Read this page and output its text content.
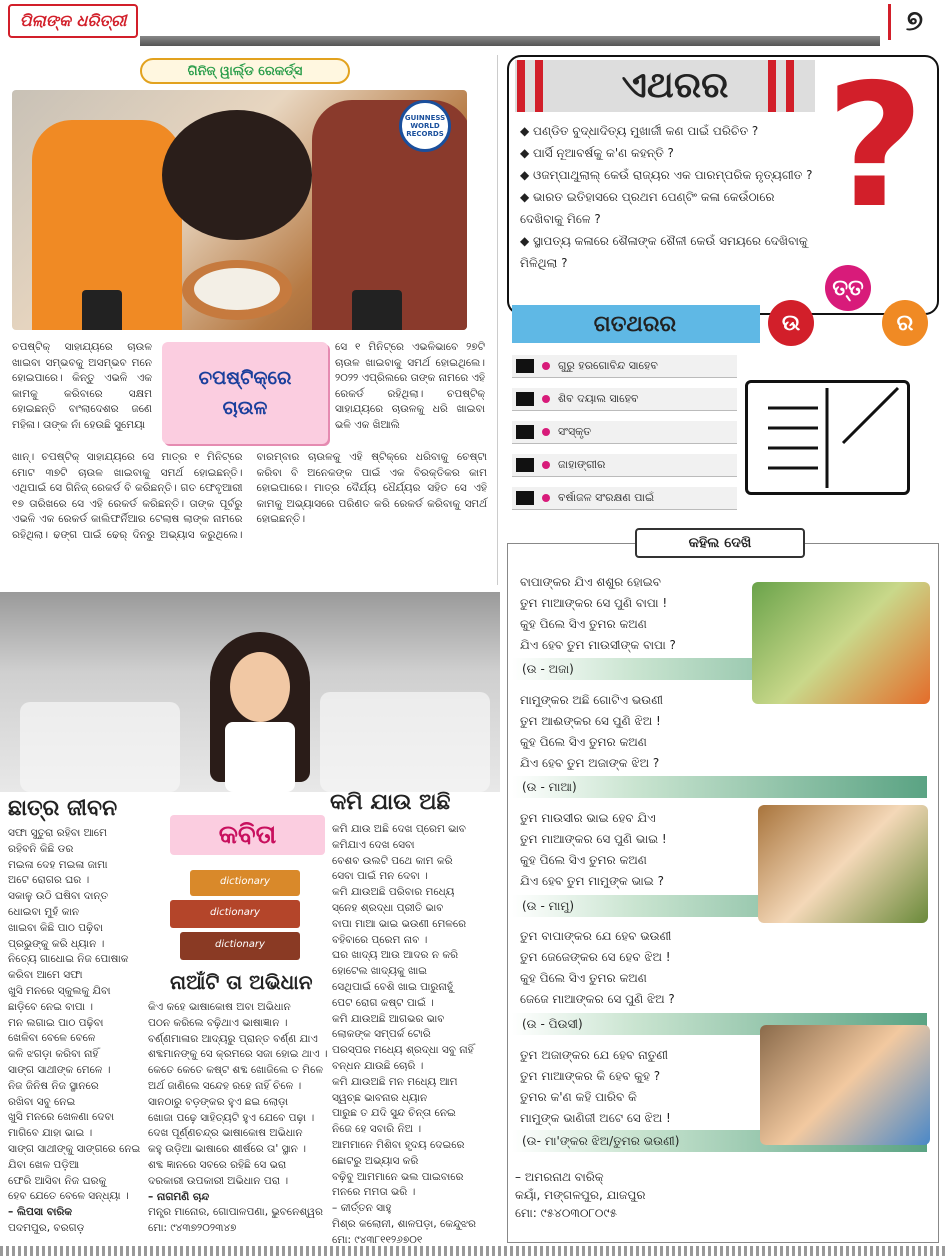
ପିଲାଙ୍କ ଧରିତ୍ରୀ	୭
ଗିନିଜ୍ ୱାର୍ଲ୍ଡ ରେକର୍ଡ୍ସ
GUINNESS WORLD RECORDS
ଚପଷ୍ଟିକ୍ ସାହାଯ୍ୟରେ ଚାଉଳ ଖାଇବା ସମ୍ଭବକୁ ଅସମ୍ଭବ ମନେ ହୋଇପାରେ। କିନ୍ତୁ ଏଭଳି ଏକ କାମକୁ କରିବାରେ ସକ୍ଷମ ହୋଇଛନ୍ତି ବାଂଲାଦେଶର ଜଣେ ମହିଳା। ତାଙ୍କ ନାଁ ହେଉଛି ସୁମେୟା
ଚପଷ୍ଟିକ୍‌ରେ
ଚାଉଳ
ସେ ୧ ମିନିଟ୍‌ରେ ଏଭଳିଭାବେ ୨୭ଟି ଚାଉଳ ଖାଇବାକୁ ସମର୍ଥ ହୋଇଥିଲେ। ୨୦୨୨ ଏପ୍ରିଲରେ ତାଙ୍କ ନାମରେ ଏହି ରେକର୍ଡ ରହିଥିଲା। ଚପଷ୍ଟିକ୍ ସାହାଯ୍ୟରେ ଚାଉଳକୁ ଧରି ଖାଇବା ଭଳି ଏକ ଖିଆଲି
ଖାନ୍। ଚପଷ୍ଟିକ୍ ସାହାଯ୍ୟରେ ସେ ମାତ୍ର ୧ ମିନିଟ୍‌ରେ ମୋଟ ୩୭ଟି ଚାଉଳ ଖାଇବାକୁ ସମର୍ଥ ହୋଇଛନ୍ତି। ଏଥିପାଇଁ ସେ ଗିନିଜ୍ ରେକର୍ଡ ବି କରିଛନ୍ତି। ଗତ ଫେବୃଆରୀ ୧୭ ତାରିଖରେ ସେ ଏହି ରେକର୍ଡ କରିଛନ୍ତି। ତାଙ୍କ ପୂର୍ବରୁ ଏଭଳି ଏକ ରେକର୍ଡ କାଲିଫର୍ନିଆର ଟେଲାଷ ଲାଙ୍କ ନାମରେ ରହିଥିଲା। ଢଙ୍ଗ ପାଇଁ ଢେର୍ ଦିନରୁ ଅଭ୍ୟାସ କରୁଥିଲେ। ବାରମ୍ବାର ଚାଉଳକୁ ଏହି ଷ୍ଟିକ୍‌ରେ ଧରିବାକୁ ଚେଷ୍ଟା କରିବା ବି ଅନେକଙ୍କ ପାଇଁ ଏକ ବିରକ୍ତିକର କାମ ହୋଇପାରେ। ମାତ୍ର ଦୈର୍ଯ୍ୟ ଧୈର୍ଯ୍ୟର ସହିତ ସେ ଏହି କାମକୁ ଅଭ୍ୟାସରେ ପରିଣତ କରି ରେକର୍ଡ କରିବାକୁ ସମର୍ଥ ହୋଇଛନ୍ତି।
ଏଥରର ?
◆ ପଣ୍ଡିତ ବୁଦ୍ଧାଦିତ୍ୟ ମୁଖାର୍ଜୀ କଣ ପାଇଁ ପରିଚିତ ?
◆ ପାର୍ସି ନୂଆବର୍ଷକୁ କ'ଣ କହନ୍ତି ?
◆ ଓଜମ୍ପାଥୁଲାଲ୍ କେଉଁ ରାଜ୍ୟର ଏକ ପାରମ୍ପରିକ ନୃତ୍ୟଗୀତ ?
◆ ଭାରତ ଇତିହାସରେ ପ୍ରଥମ ପେଣ୍ଟିଂ କଳା କେଉଁଠାରେ ଦେଖିବାକୁ ମିଳେ ?
◆ ସ୍ଥାପତ୍ୟ କଳାରେ ଶୈଳାଙ୍କ ଶୈଳୀ କେଉଁ ସମୟରେ ଦେଖିବାକୁ ମିଳିଥିଲା ?
ଉ
ତ୍ତ
ର
ଗତଥରର
ଗୁରୁ ହରଗୋବିନ୍ଦ ସାହେବ
ଶିବ ଦୟାଲ ସାହେବ
ସଂସ୍କୃତ
ଜାହାଙ୍ଗୀର
ବର୍ଷାଜଳ ସଂରକ୍ଷଣ ପାଇଁ
କହିଲ ଦେଖି
ବାପାଙ୍କର ଯିଏ ଶଶୁର ହୋଇବ
ତୁମ ମାଆଙ୍କର ସେ ପୁଣି ବାପା !
କୁହ ପିଲେ ସିଏ ତୁମର କଅଣ
ଯିଏ ହେବ ତୁମ ମାଉସୀଙ୍କ ବାପା ?
(ଉ - ଅଜା)
ମାମୁଙ୍କର ଅଛି ଗୋଟିଏ ଭଉଣୀ
ତୁମ ଆଈଙ୍କର ସେ ପୁଣି ଝିଅ !
କୁହ ପିଲେ ସିଏ ତୁମର କଅଣ
ଯିଏ ହେବ ତୁମ ଅଜାଙ୍କ ଝିଅ ?
(ଉ - ମାଆ)
ତୁମ ମାଉସୀର ଭାଇ ହେବ ଯିଏ
ତୁମ ମାଆଙ୍କର ସେ ପୁଣି ଭାଇ !
କୁହ ପିଲେ ସିଏ ତୁମର କଅଣ
ଯିଏ ହେବ ତୁମ ମାମୁଙ୍କ ଭାଇ ?
(ଉ - ମାମୁ)
ତୁମ ବାପାଙ୍କର ଯେ ହେବ ଭଉଣୀ
ତୁମ ଜେଜେଙ୍କର ସେ ହେବ ଝିଅ !
କୁହ ପିଲେ ସିଏ ତୁମର କଅଣ
ଜେଜେ ମାଆଙ୍କର ସେ ପୁଣି ଝିଅ ?
(ଉ - ପିଉସୀ)
ତୁମ ଅଜାଙ୍କର ଯେ ହେବ ନାତୁଣୀ
ତୁମ ମାଆଙ୍କର କି ହେବ କୁହ ?
ତୁମର କ'ଣ କହି ପାରିବ କି
ମାମୁଙ୍କ ଭାଣିଜୀ ଅଟେ ସେ ଝିଅ !
(ଉ- ମା'ଙ୍କର ଝିଅ/ତୁମର ଭଉଣୀ)
– ଅମରନାଥ ବାରିକ୍
କୟାଁ, ମଙ୍ଗଳପୁର, ଯାଜପୁର
ମୋ: ୯୫୪୦୩୦୮୦୯୫
ଛାତ୍ର ଜୀବନ
ସଫା ସୁତୁରା ରହିବା ଆମେ
ରହିବନି କିଛି ଡର
ମଇଳା ଦେହ ମଇଳା ଜାମା
ଅଟେ ରୋଗର ଘର ।
ସକାଳୁ ଉଠି ଘଷିବା ଦାନ୍ତ
ଧୋଇବା ମୁହଁ କାନ
ଖାଇବା କିଛି ପାଠ ପଢ଼ିବା
ପ୍ରଭୁଙ୍କୁ କରି ଧ୍ୟାନ ।
ନିତ୍ୟେ ଗାଧୋଇ ନିଜ ପୋଷାକ
କରିବା ଆମେ ସଫା
ଖୁସି ମନରେ ସ୍କୁଲକୁ ଯିବା
ଛାଡ଼ିବେ ନେଇ ବାପା ।
ମନ ଲଗାଇ ପାଠ ପଢ଼ିବା
ଖେଳିବା ବେଳେ ବେଳେ
କଳି ଝଗଡ଼ା କରିବା ନାହିଁ
ସାଙ୍ଗ ସାଥୀଙ୍କ ମେଳେ ।
ନିଜ ଜିନିଷ ନିଜ ସ୍ଥାନରେ
ରଖିବା ସବୁ ନେଇ
ଖୁସି ମନରେ ଖେଳଣା ଦେବା
ମାଗିବେ ଯାହା ଭାଇ ।
ସାଙ୍ଗ ସାଥୀଙ୍କୁ ସାଙ୍ଗରେ ନେଇ
ଯିବା ଖେଳ ପଡ଼ିଆ
ଫେରି ଆସିବା ନିଜ ଘରକୁ
ହେବ ଯେତେ ବେଳେ ସନ୍ଧ୍ୟା ।
– ଲିପସା ବାରିକ
ପଦମପୁର, ବରଗଡ଼
କବିତା
dictionary
dictionary
dictionary
ନାଆଁଟି ତା ଅଭିଧାନ
କିଏ କହେ ଭାଷାକୋଷ ଅବା ଅଭିଧାନ
ପଠନ କରିଲେ ବଢ଼ିଥାଏ ଭାଷାଜ୍ଞାନ ।
ବର୍ଣ୍ଣମାଳାର ଆଦ୍ୟରୁ ପ୍ରାନ୍ତ ବର୍ଣ୍ଣ ଯାଏ
ଶବ୍ଦମାନଙ୍କୁ ସେ କ୍ରମରେ ସଜା ହୋଇ ଥାଏ ।
କେତେ କେତେ କଷ୍ଟ ଶବ୍ଦ ଖୋଜିଲେ ତ ମିଳେ
ଅର୍ଥ ଜାଣିଲେ ସନ୍ଦେହ ରହେ ନାହିଁ ଚିଳେ ।
ସାନଠାରୁ ବଡ଼ଙ୍କର ହୁଏ ଛଇ ଲୋଡ଼ା
ଖୋଜା ପଢ଼େ ସାହିତ୍ୟଟି ହୁଏ ଯେବେ ପଢ଼ା ।
ଦେଖ ପୂର୍ଣ୍ଣଚନ୍ଦ୍ର ଭାଷାକୋଷ ଅଭିଧାନ
କହୁ ଉଡ଼ିଆ ଭାଷାରେ ଶୀର୍ଷରେ ତା' ସ୍ଥାନ ।
ଶବ୍ଦ ଜ୍ଞାନରେ ସବରେ ରହିଛି ସେ ଭରା
ଦରକାରୀ ଉପକାରୀ ଅଭିଧାନ ପରା ।
– ନାଗମଣି ଚାନ୍ଦ
ମନ୍ତ୍ର ମାନୋର, ଗୋପାଳପଣା, ଭୁବନେଶ୍ୱର
ମୋ: ୯୪୩୭୨୦୨୩୪୭
କମି ଯାଉ ଅଛି
କମି ଯାଉ ଅଛି ଦେଖ ପ୍ରେମ ଭାବ
କମିଯାଏ ଦେଖ ସେବା
ବେଶବ ଉଲଟି ପଥେ କାମ କରି
ସେବା ପାଇଁ ମନ ଦେବା ।
କମି ଯାଉଅଛି ପରିବାର ମଧ୍ୟେ
ସ୍ନେହ ଶ୍ରଦ୍ଧା ପ୍ରୀତି ଭାବ
ବାପା ମାଆ ଭାଇ ଭଉଣୀ ମେଳରେ
ବହିବାରେ ପ୍ରେମ ନାବ ।
ଘର ଖାଦ୍ୟ ଆଉ ଆଦର ନ କରି
ହୋଟେଲ ଖାଦ୍ୟକୁ ଖାଇ
ସେଥିପାଇଁ ବେଶି ଖାଇ ପାରୁନାହୁଁ
ପେଟ ରୋଗ କଷ୍ଟ ପାଇଁ ।
କମି ଯାଉଅଛି ଆଗଭର ଭାବ
ଲୋକଙ୍କ ସମ୍ପର୍କ ଟୋରି
ପରସ୍ପର ମଧ୍ୟେ ଶ୍ରଦ୍ଧା ସବୁ ନାହିଁ
ବନ୍ଧନ ଯାଉଛି ଚୋରି ।
କମି ଯାଉଅଛି ମନ ମଧ୍ୟେ ଆମ
ସ୍ୱଚ୍ଛ ଭାବନାର ଧ୍ୟାନ
ପାରୁଛ ତ ଯଦି ସୁନ୍ଦ ଚିନ୍ତା ନେଇ
ନିଜେ ହେ ସବାରି ନିଅ ।
ଆମମାନେ ମିଶିବା ହୃଦୟ ଦେଇରେ
ଛୋଟରୁ ଅଭ୍ୟାସ କରି
ବଢ଼ିବୁ ଆମମାନେ ଭଲ ପାଇବାରେ
ମନରେ ମମତା ଭରି ।
– କୀର୍ତ୍ତନ ସାହୁ
ମିଶ୍ର କଲୋନୀ, ଶାଳପଡ଼ା, କେନ୍ଦୁଝର
ମୋ: ୯୪୩୮୧୧୨୬୭୦୧
